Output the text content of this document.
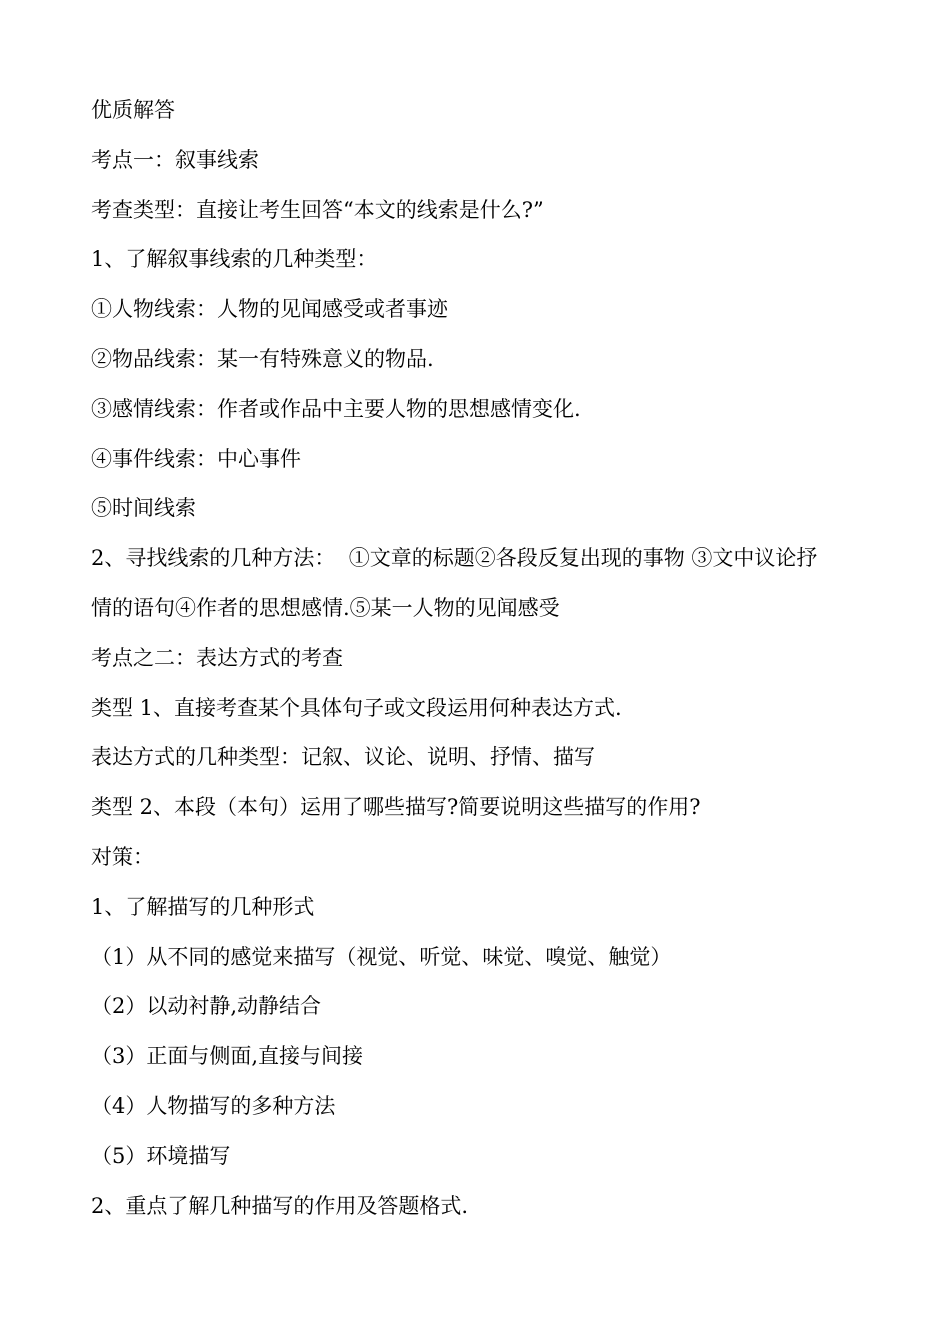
优质解答
考点一：叙事线索
考查类型：直接让考生回答“本文的线索是什么?”
1、了解叙事线索的几种类型：
①人物线索：人物的见闻感受或者事迹
②物品线索：某一有特殊意义的物品.
③感情线索：作者或作品中主要人物的思想感情变化.
④事件线索：中心事件
⑤时间线索
2、寻找线索的几种方法：  ①文章的标题②各段反复出现的事物 ③文中议论抒
情的语句④作者的思想感情.⑤某一人物的见闻感受
考点之二：表达方式的考查
类型 1、直接考查某个具体句子或文段运用何种表达方式.
表达方式的几种类型：记叙、议论、说明、抒情、描写
类型 2、本段（本句）运用了哪些描写?简要说明这些描写的作用?
对策：
1、了解描写的几种形式
（1）从不同的感觉来描写（视觉、听觉、味觉、嗅觉、触觉）
（2）以动衬静,动静结合
（3）正面与侧面,直接与间接
（4）人物描写的多种方法
（5）环境描写
2、重点了解几种描写的作用及答题格式.
